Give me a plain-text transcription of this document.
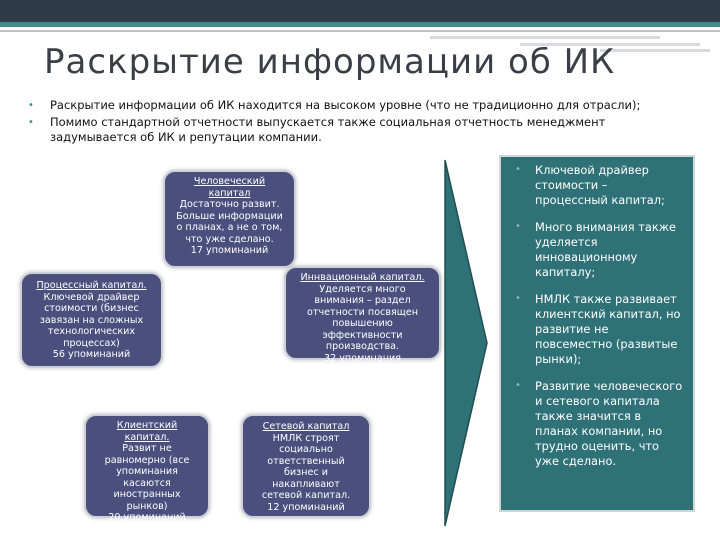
Раскрытие информации об ИК
• Раскрытие информации об ИК находится на высоком уровне (что не традиционно для отрасли);
• Помимо стандартной отчетности выпускается также социальная отчетность менеджмент задумывается об ИК и репутации компании.
Человеческий капитал
Достаточно развит. Больше информации о планах, а не о том, что уже сделано.
17 упоминаний
Процессный капитал.
Ключевой драйвер стоимости (бизнес завязан на сложных технологических процессах)
56 упоминаний
Иннвационный капитал.
Уделяется много внимания – раздел отчетности посвящен повышению эффективности производства.
32 упоминания
Клиентский капитал.
Развит не равномерно (все упоминания касаются иностранных рынков)
20 упоминаний
Сетевой капитал
НМЛК строят социально ответственный бизнес и накапливают сетевой капитал.
12 упоминаний
• Ключевой драйвер стоимости – процессный капитал;
• Много внимания также уделяется инновационному капиталу;
• НМЛК также развивает клиентский капитал, но развитие не повсеместно (развитые рынки);
• Развитие человеческого и сетевого капитала также значится в планах компании, но трудно оценить, что уже сделано.
